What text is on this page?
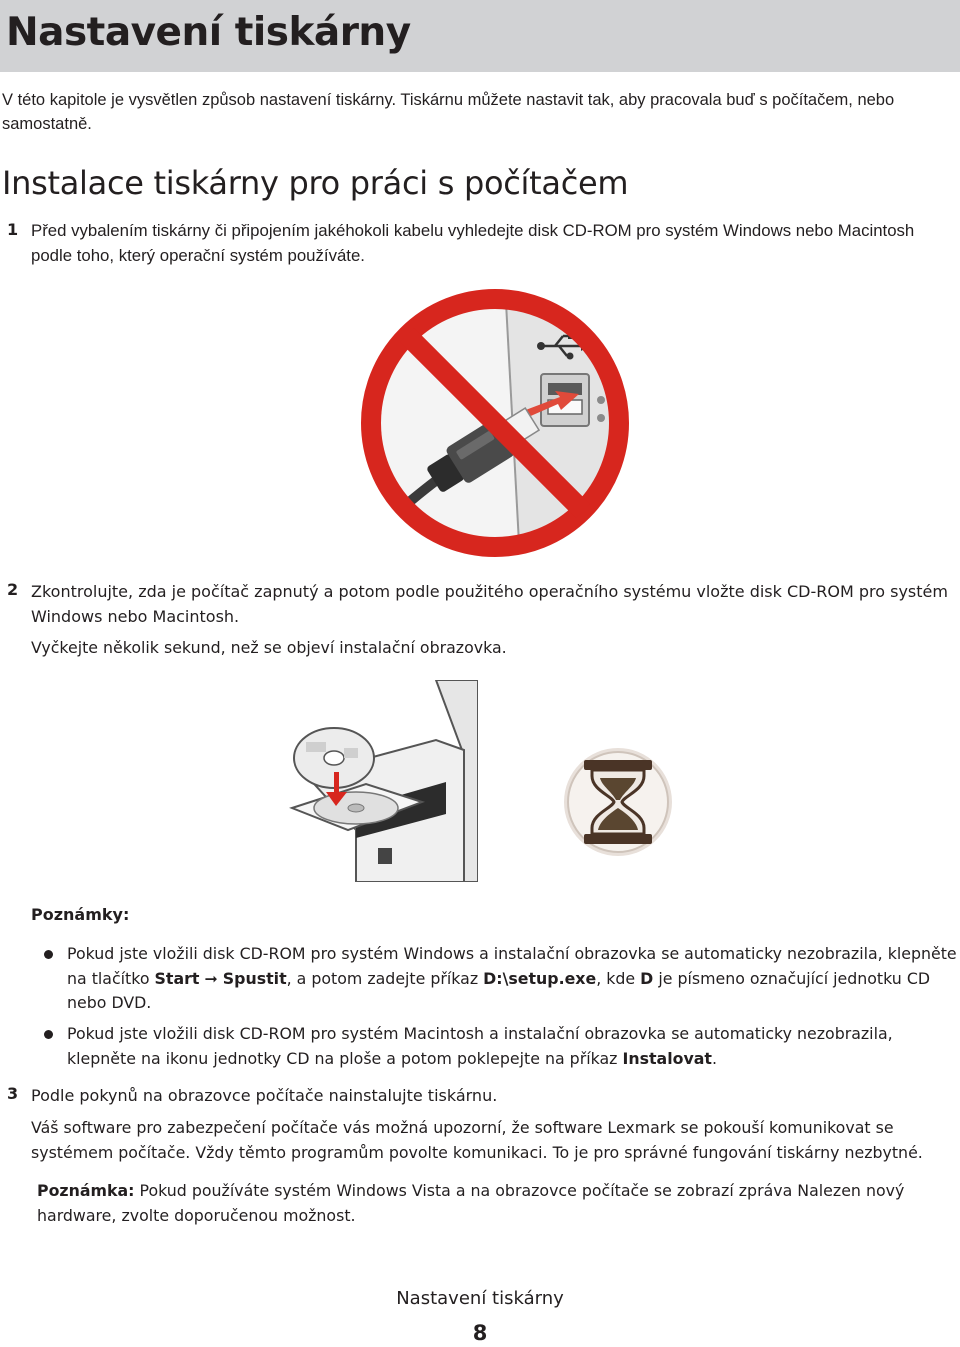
Nastavení tiskárny
V této kapitole je vysvětlen způsob nastavení tiskárny. Tiskárnu můžete nastavit tak, aby pracovala buď s počítačem, nebo samostatně.
Instalace tiskárny pro práci s počítačem
1 Před vybalením tiskárny či připojením jakéhokoli kabelu vyhledejte disk CD‑ROM pro systém Windows nebo Macintosh podle toho, který operační systém používáte.
2 Zkontrolujte, zda je počítač zapnutý a potom podle použitého operačního systému vložte disk CD‑ROM pro systém Windows nebo Macintosh.
Vyčkejte několik sekund, než se objeví instalační obrazovka.
Poznámky:
Pokud jste vložili disk CD‑ROM pro systém Windows a instalační obrazovka se automaticky nezobrazila, klepněte na tlačítko Start ➞ Spustit, a potom zadejte příkaz D:\setup.exe, kde D je písmeno označující jednotku CD nebo DVD.
Pokud jste vložili disk CD‑ROM pro systém Macintosh a instalační obrazovka se automaticky nezobrazila, klepněte na ikonu jednotky CD na ploše a potom poklepejte na příkaz Instalovat.
3 Podle pokynů na obrazovce počítače nainstalujte tiskárnu.
Váš software pro zabezpečení počítače vás možná upozorní, že software Lexmark se pokouší komunikovat se systémem počítače. Vždy těmto programům povolte komunikaci. To je pro správné fungování tiskárny nezbytné.
Poznámka: Pokud používáte systém Windows Vista a na obrazovce počítače se zobrazí zpráva Nalezen nový hardware, zvolte doporučenou možnost.
Nastavení tiskárny
8
